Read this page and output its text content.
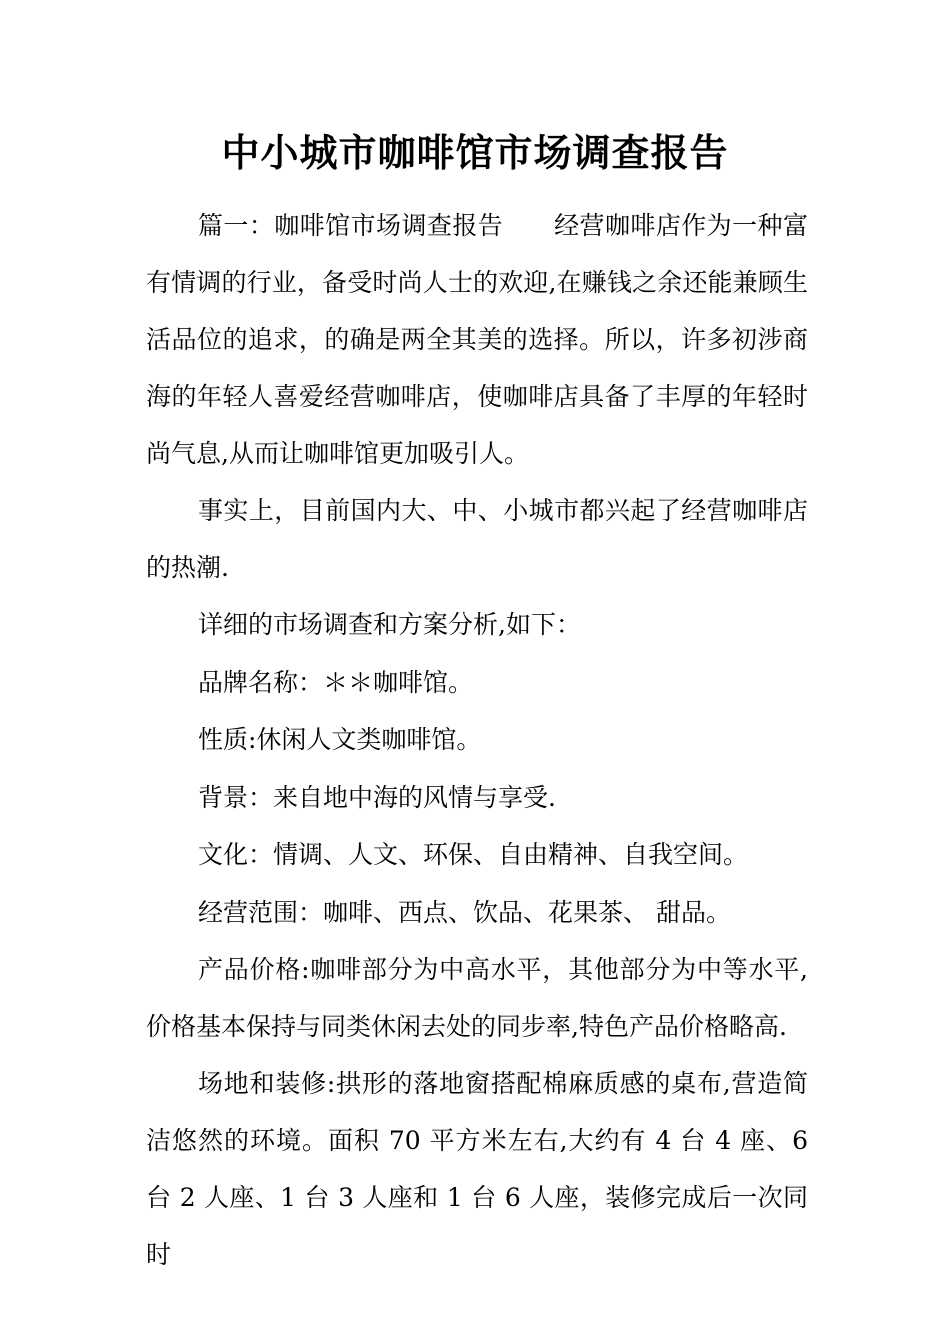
中小城市咖啡馆市场调查报告

篇一：咖啡馆市场调查报告　　经营咖啡店作为一种富有情调的行业，备受时尚人士的欢迎,在赚钱之余还能兼顾生活品位的追求，的确是两全其美的选择。所以，许多初涉商海的年轻人喜爱经营咖啡店，使咖啡店具备了丰厚的年轻时尚气息,从而让咖啡馆更加吸引人。

事实上，目前国内大、中、小城市都兴起了经营咖啡店的热潮.

详细的市场调查和方案分析,如下：

品牌名称：＊＊咖啡馆。

性质:休闲人文类咖啡馆。

背景：来自地中海的风情与享受.

文化：情调、人文、环保、自由精神、自我空间。

经营范围：咖啡、西点、饮品、花果茶、 甜品。

产品价格:咖啡部分为中高水平，其他部分为中等水平,价格基本保持与同类休闲去处的同步率,特色产品价格略高.

场地和装修:拱形的落地窗搭配棉麻质感的桌布,营造简洁悠然的环境。面积 70 平方米左右,大约有 4 台 4 座、6 台 2 人座、1 台 3 人座和 1 台 6 人座，装修完成后一次同时
